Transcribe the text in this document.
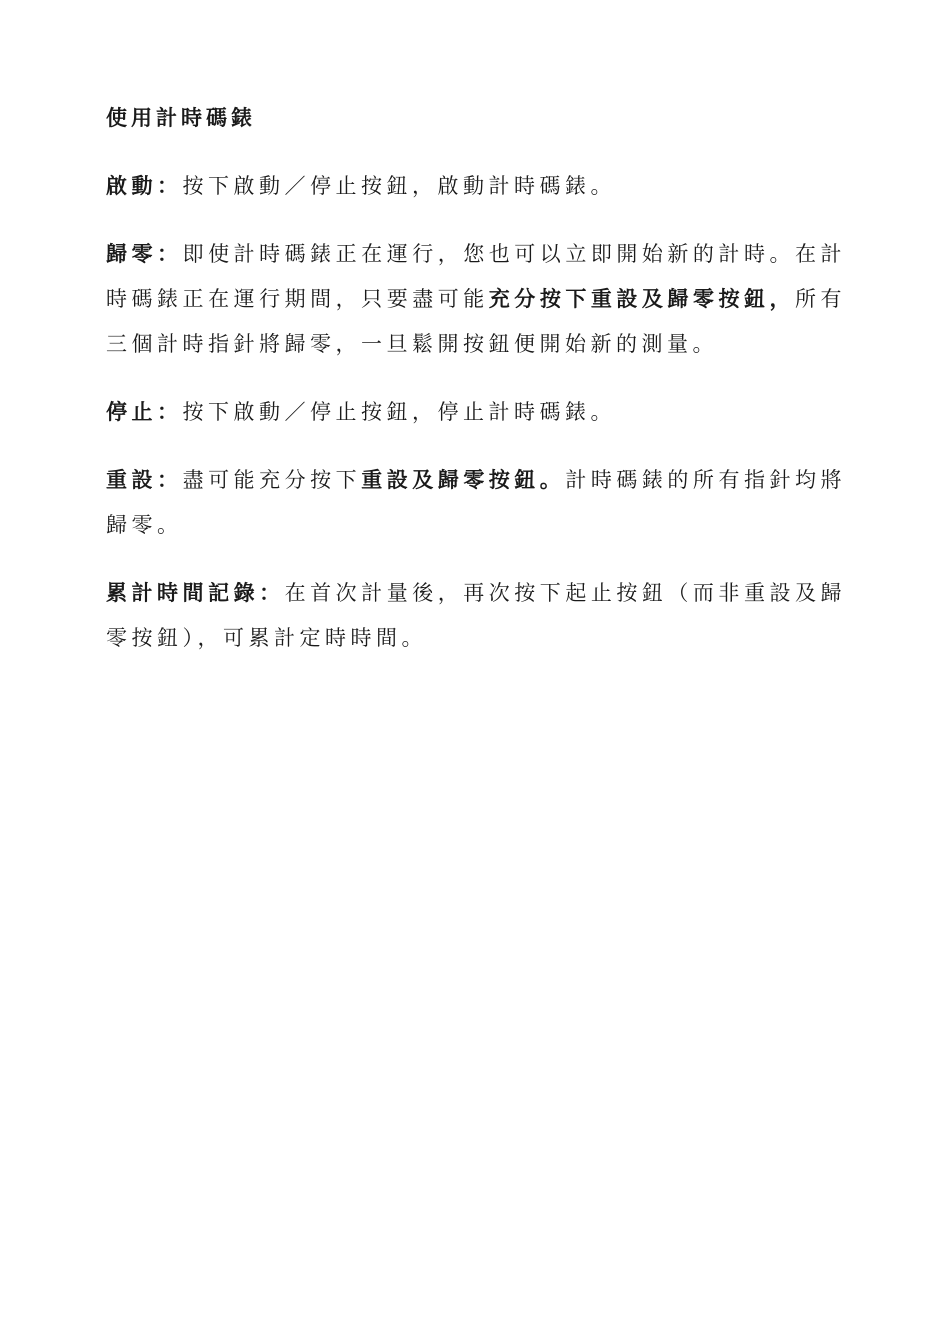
使用計時碼錶

啟動：按下啟動／停止按鈕，啟動計時碼錶。

歸零：即使計時碼錶正在運行，您也可以立即開始新的計時。在計時碼錶正在運行期間，只要盡可能充分按下重設及歸零按鈕，所有三個計時指針將歸零，一旦鬆開按鈕便開始新的測量。

停止：按下啟動／停止按鈕，停止計時碼錶。

重設：盡可能充分按下重設及歸零按鈕。計時碼錶的所有指針均將歸零。

累計時間記錄：在首次計量後，再次按下起止按鈕（而非重設及歸零按鈕），可累計定時時間。
